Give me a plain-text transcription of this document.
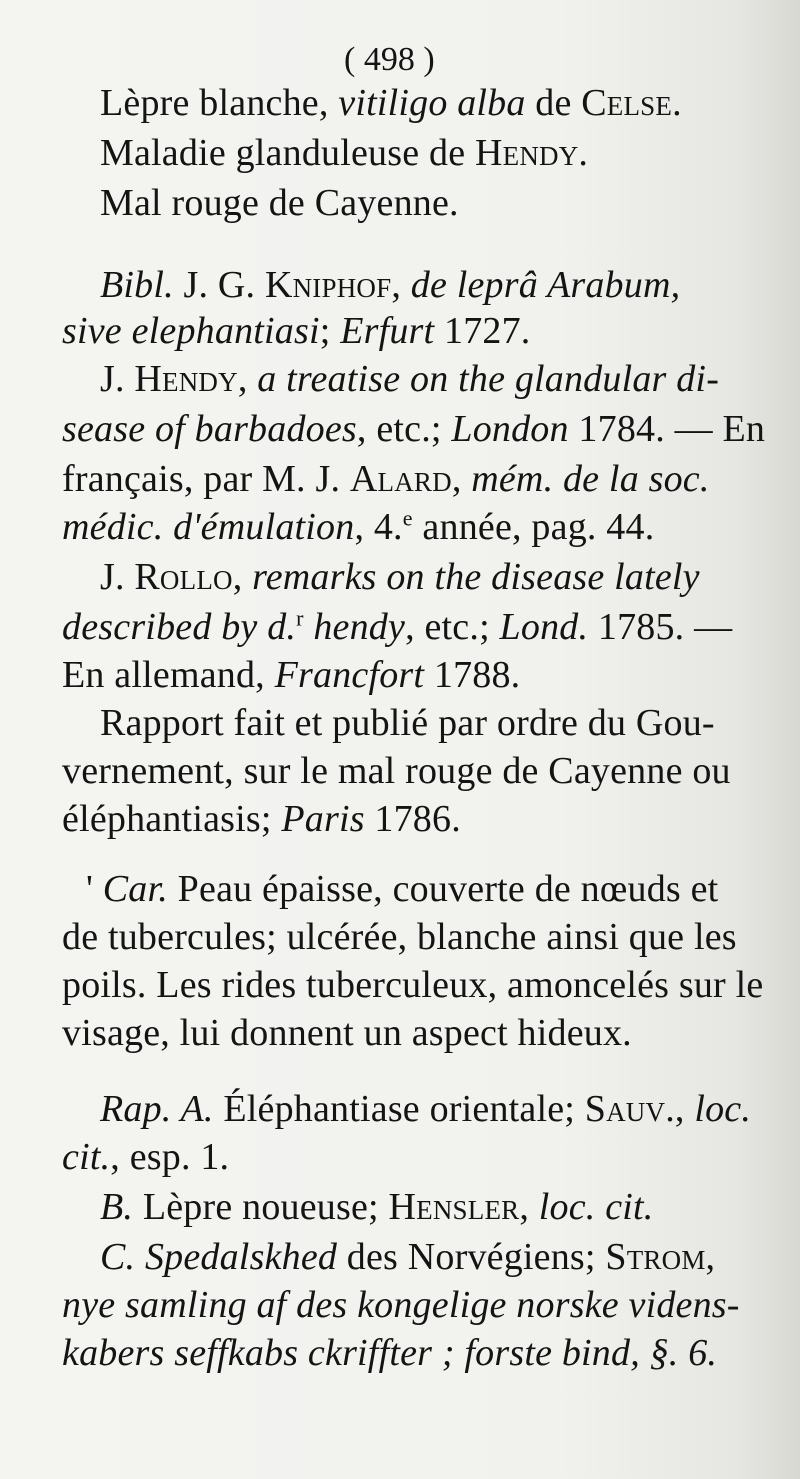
( 498 )
Lèpre blanche, vitiligo alba de Celse.
Maladie glanduleuse de Hendy.
Mal rouge de Cayenne.
Bibl. J. G. Kniphof, de leprâ Arabum,
sive elephantiasi; Erfurt 1727.
J. Hendy, a treatise on the glandular di-
sease of barbadoes, etc.; London 1784. — En
français, par M. J. Alard, mém. de la soc.
médic. d'émulation, 4.$^e$ année, pag. 44.
J. Rollo, remarks on the disease lately
described by d.$^r$ hendy, etc.; Lond. 1785. —
En allemand, Francfort 1788.
Rapport fait et publié par ordre du Gou-
vernement, sur le mal rouge de Cayenne ou
éléphantiasis; Paris 1786.
' Car. Peau épaisse, couverte de nœuds et
de tubercules; ulcérée, blanche ainsi que les
poils. Les rides tuberculeux, amoncelés sur le
visage, lui donnent un aspect hideux.
Rap. A. Éléphantiase orientale; Sauv., loc.
cit., esp. 1.
B. Lèpre noueuse; Hensler, loc. cit.
C. Spedalskhed des Norvégiens; Strom,
nye samling af des kongelige norske videns-
kabers seffkabs ckriffter ; forste bind, §. 6.
